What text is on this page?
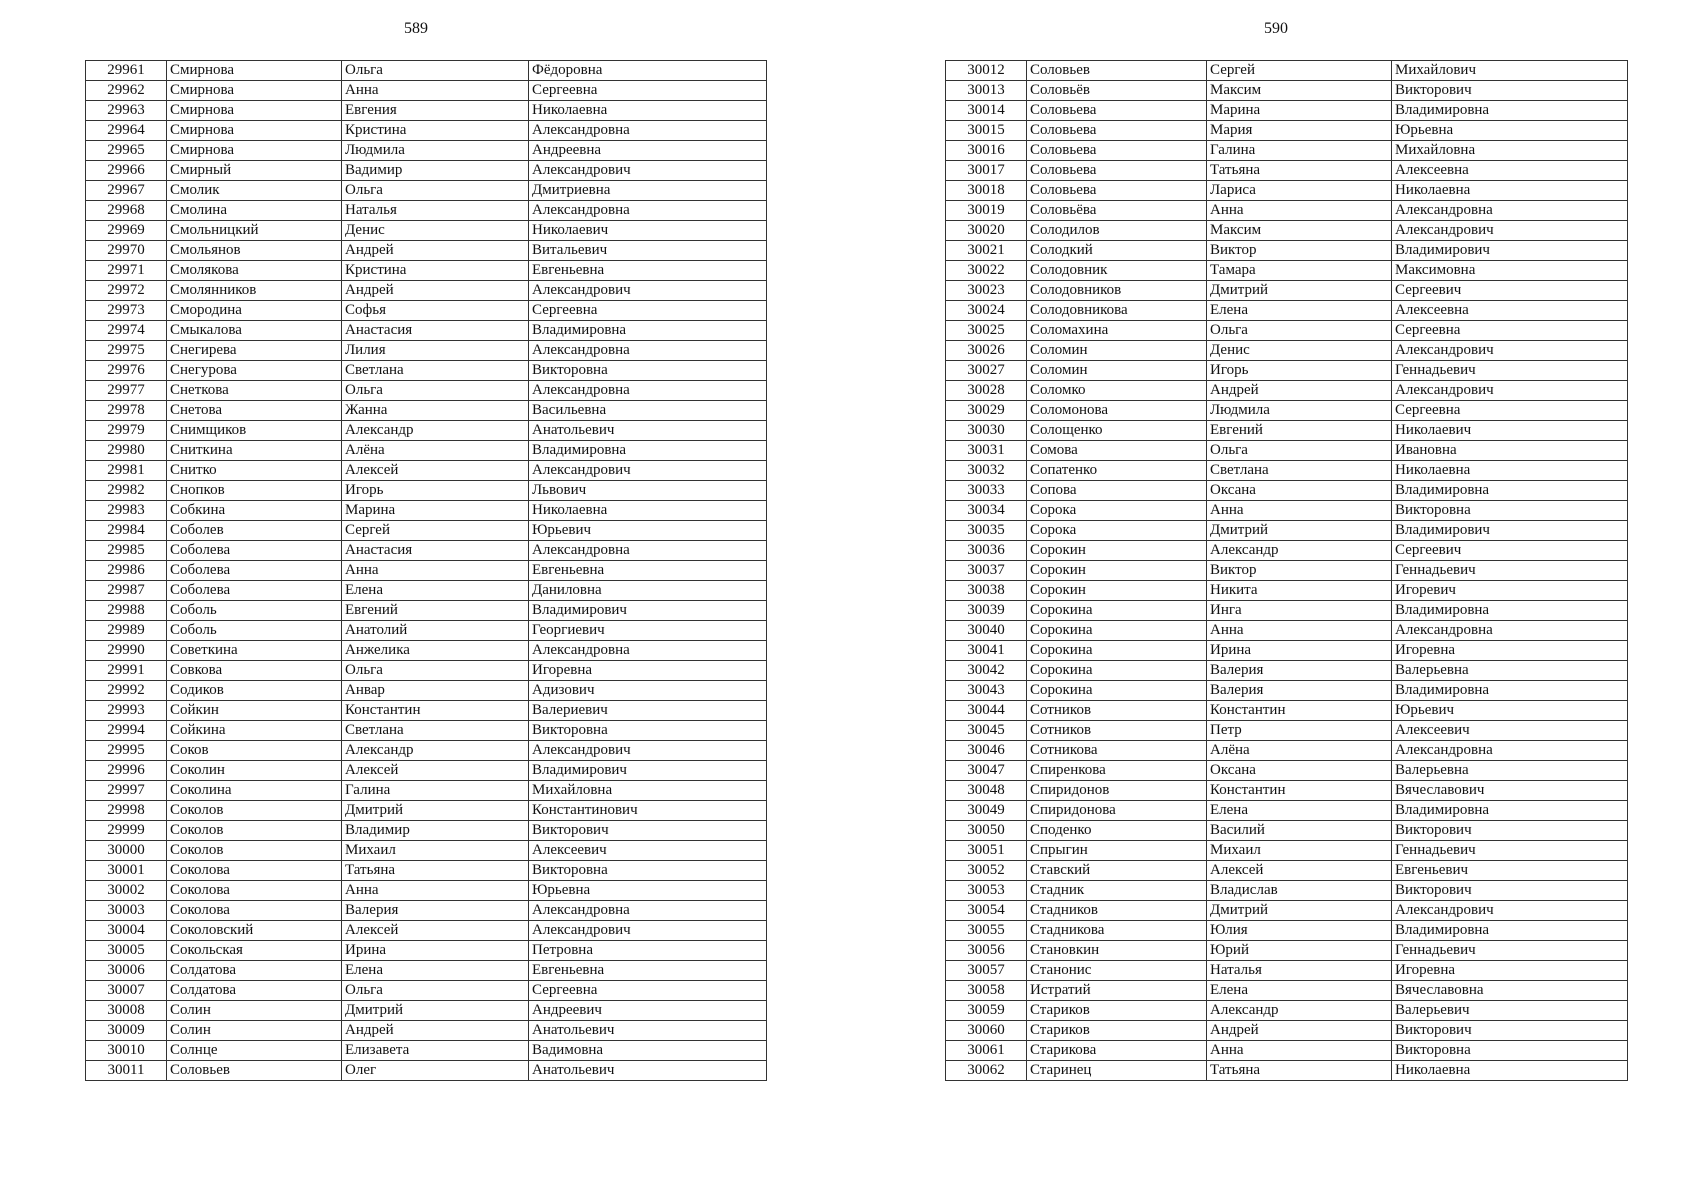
589	590
29961	Смирнова	Ольга	Фёдоровна
29962	Смирнова	Анна	Сергеевна
29963	Смирнова	Евгения	Николаевна
29964	Смирнова	Кристина	Александровна
29965	Смирнова	Людмила	Андреевна
29966	Смирный	Вадимир	Александрович
29967	Смолик	Ольга	Дмитриевна
29968	Смолина	Наталья	Александровна
29969	Смольницкий	Денис	Николаевич
29970	Смольянов	Андрей	Витальевич
29971	Смолякова	Кристина	Евгеньевна
29972	Смолянников	Андрей	Александрович
29973	Смородина	Софья	Сергеевна
29974	Смыкалова	Анастасия	Владимировна
29975	Снегирева	Лилия	Александровна
29976	Снегурова	Светлана	Викторовна
29977	Снеткова	Ольга	Александровна
29978	Снетова	Жанна	Васильевна
29979	Снимщиков	Александр	Анатольевич
29980	Сниткина	Алёна	Владимировна
29981	Снитко	Алексей	Александрович
29982	Снопков	Игорь	Львович
29983	Собкина	Марина	Николаевна
29984	Соболев	Сергей	Юрьевич
29985	Соболева	Анастасия	Александровна
29986	Соболева	Анна	Евгеньевна
29987	Соболева	Елена	Даниловна
29988	Соболь	Евгений	Владимирович
29989	Соболь	Анатолий	Георгиевич
29990	Советкина	Анжелика	Александровна
29991	Совкова	Ольга	Игоревна
29992	Содиков	Анвар	Адизович
29993	Сойкин	Константин	Валериевич
29994	Сойкина	Светлана	Викторовна
29995	Соков	Александр	Александрович
29996	Соколин	Алексей	Владимирович
29997	Соколина	Галина	Михайловна
29998	Соколов	Дмитрий	Константинович
29999	Соколов	Владимир	Викторович
30000	Соколов	Михаил	Алексеевич
30001	Соколова	Татьяна	Викторовна
30002	Соколова	Анна	Юрьевна
30003	Соколова	Валерия	Александровна
30004	Соколовский	Алексей	Александрович
30005	Сокольская	Ирина	Петровна
30006	Солдатова	Елена	Евгеньевна
30007	Солдатова	Ольга	Сергеевна
30008	Солин	Дмитрий	Андреевич
30009	Солин	Андрей	Анатольевич
30010	Солнце	Елизавета	Вадимовна
30011	Соловьев	Олег	Анатольевич
30012	Соловьев	Сергей	Михайлович
30013	Соловьёв	Максим	Викторович
30014	Соловьева	Марина	Владимировна
30015	Соловьева	Мария	Юрьевна
30016	Соловьева	Галина	Михайловна
30017	Соловьева	Татьяна	Алексеевна
30018	Соловьева	Лариса	Николаевна
30019	Соловьёва	Анна	Александровна
30020	Солодилов	Максим	Александрович
30021	Солодкий	Виктор	Владимирович
30022	Солодовник	Тамара	Максимовна
30023	Солодовников	Дмитрий	Сергеевич
30024	Солодовникова	Елена	Алексеевна
30025	Соломахина	Ольга	Сергеевна
30026	Соломин	Денис	Александрович
30027	Соломин	Игорь	Геннадьевич
30028	Соломко	Андрей	Александрович
30029	Соломонова	Людмила	Сергеевна
30030	Солощенко	Евгений	Николаевич
30031	Сомова	Ольга	Ивановна
30032	Сопатенко	Светлана	Николаевна
30033	Сопова	Оксана	Владимировна
30034	Сорока	Анна	Викторовна
30035	Сорока	Дмитрий	Владимирович
30036	Сорокин	Александр	Сергеевич
30037	Сорокин	Виктор	Геннадьевич
30038	Сорокин	Никита	Игоревич
30039	Сорокина	Инга	Владимировна
30040	Сорокина	Анна	Александровна
30041	Сорокина	Ирина	Игоревна
30042	Сорокина	Валерия	Валерьевна
30043	Сорокина	Валерия	Владимировна
30044	Сотников	Константин	Юрьевич
30045	Сотников	Петр	Алексеевич
30046	Сотникова	Алёна	Александровна
30047	Спиренкова	Оксана	Валерьевна
30048	Спиридонов	Константин	Вячеславович
30049	Спиридонова	Елена	Владимировна
30050	Споденко	Василий	Викторович
30051	Спрыгин	Михаил	Геннадьевич
30052	Ставский	Алексей	Евгеньевич
30053	Стадник	Владислав	Викторович
30054	Стадников	Дмитрий	Александрович
30055	Стадникова	Юлия	Владимировна
30056	Становкин	Юрий	Геннадьевич
30057	Станонис	Наталья	Игоревна
30058	Истратий	Елена	Вячеславовна
30059	Стариков	Александр	Валерьевич
30060	Стариков	Андрей	Викторович
30061	Старикова	Анна	Викторовна
30062	Старинец	Татьяна	Николаевна
